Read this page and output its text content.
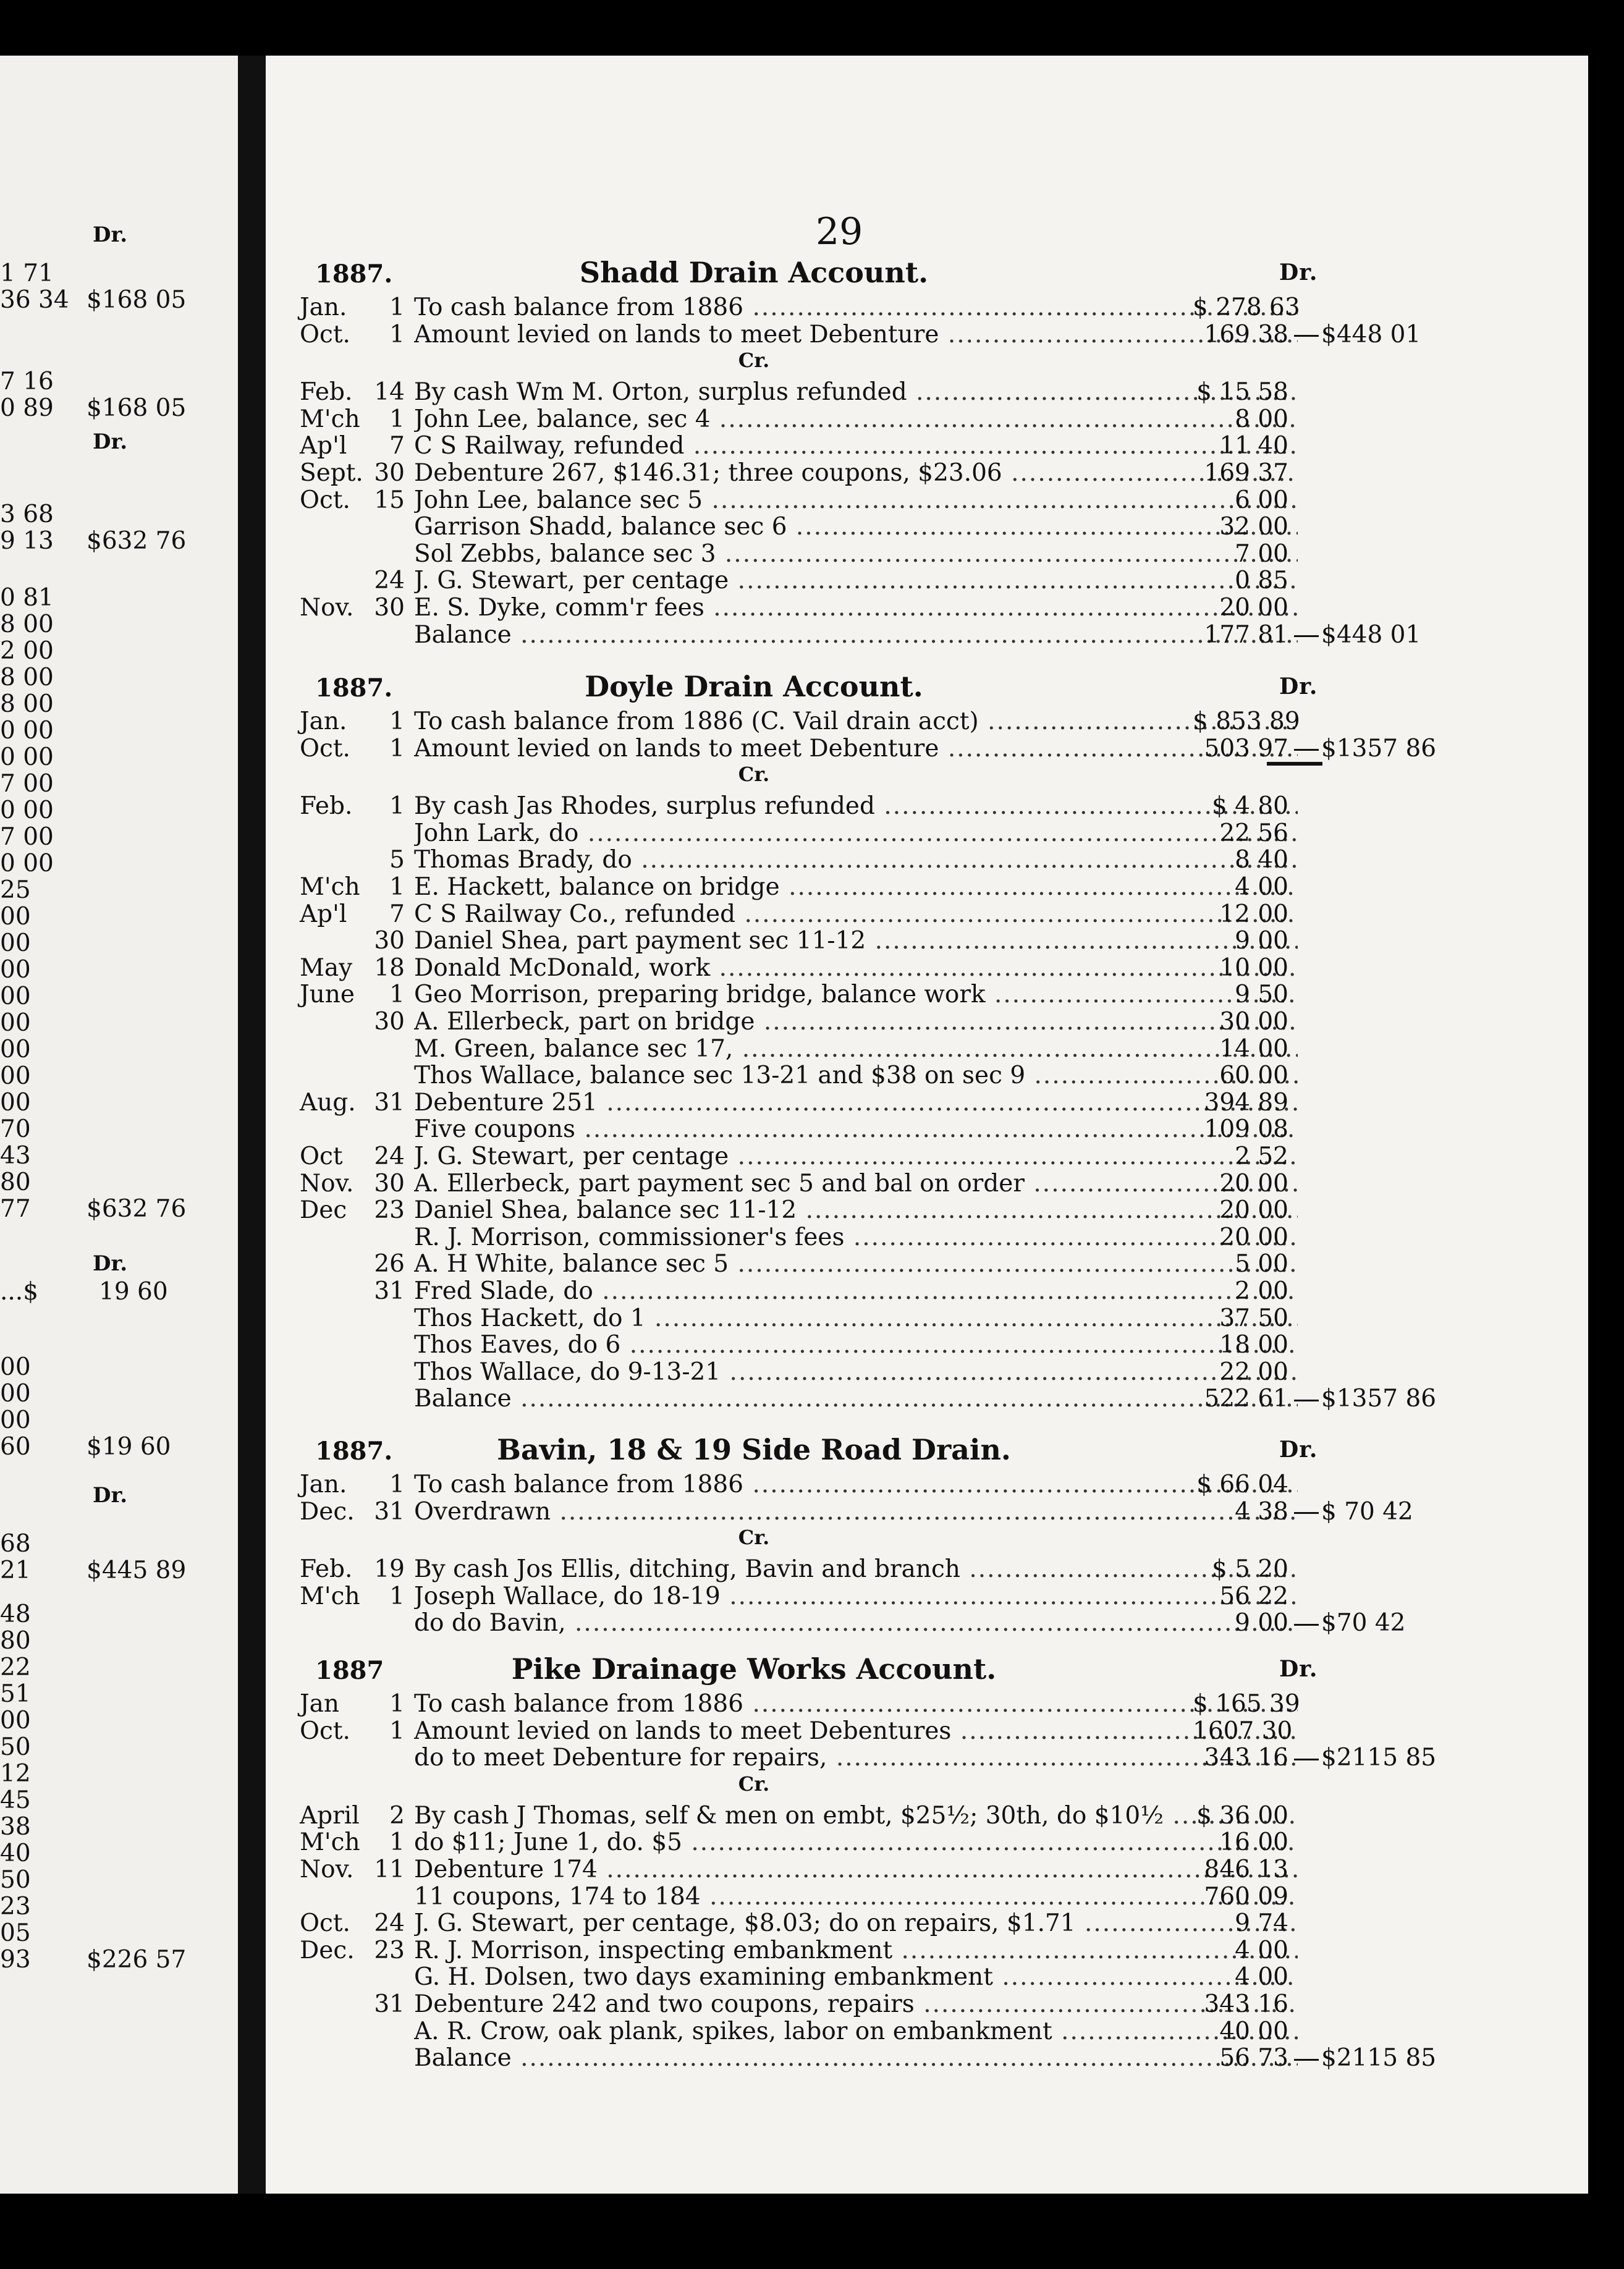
Dr.
1 71
36 34 $168 05
7 16
0 89 $168 05
Dr.
3 68
9 13 $632 76
0 81
8 00
2 00
8 00
8 00
0 00
0 00
7 00
0 00
7 00
0 00
25
00
00
00
00
00
00
00
00
70
43
80
77 $632 76
Dr.
...$	19 60
00
00
00
60 $19 60
Dr.
68
21 $445 89
48
80
22
51
00
50
12
45
38
40
50
23
05
93 $226 57
29
1887.	Shadd Drain Account.	Dr.
Jan.	1 To cash balance from 1886 .....	$ 278 63
Oct.	1 Amount levied on lands to meet Debenture .....	169 38	$448 01
Cr.
Feb. 14 By cash Wm M. Orton, surplus refunded .....	$ 15 58
M'ch	1 John Lee, balance, sec 4 .....	8 00
Ap'l	7 C S Railway, refunded .....	11 40
Sept. 30 Debenture 267, $146.31; three coupons, $23.06 .....	169 37
Oct. 15 John Lee, balance sec 5 .....	6 00
Garrison Shadd, balance sec 6 .....	32 00
Sol Zebbs, balance sec 3 .....	7 00
24 J. G. Stewart, per centage .....	0 85
Nov. 30 E. S. Dyke, comm'r fees .....	20 00
Balance .....	177 81	$448 01
1887.	Doyle Drain Account.	Dr.
Jan.	1 To cash balance from 1886 (C. Vail drain acct) .....	$ 853 89
Oct.	1 Amount levied on lands to meet Debenture .....	503 97	$1357 86
Cr.
Feb.	1 By cash Jas Rhodes, surplus refunded .....	$ 4 80
John Lark, do .....	22 56
5 Thomas Brady, do .....	8 40
M'ch	1 E. Hackett, balance on bridge .....	4 00
Ap'l	7 C S Railway Co., refunded .....	12 00
30 Daniel Shea, part payment sec 11-12 .....	9 00
May 18 Donald McDonald, work .....	10 00
June	1 Geo Morrison, preparing bridge, balance work .....	9 50
30 A. Ellerbeck, part on bridge .....	30 00
M. Green, balance sec 17, .....	14 00
Thos Wallace, balance sec 13-21 and $38 on sec 9 .....	60 00
Aug. 31 Debenture 251 .....	394 89
Five coupons .....	109 08
Oct	24 J. G. Stewart, per centage .....	2 52
Nov. 30 A. Ellerbeck, part payment sec 5 and bal on order .....	20 00
Dec	23 Daniel Shea, balance sec 11-12 .....	20 00
R. J. Morrison, commissioner's fees .....	20 00
26 A. H White, balance sec 5 .....	5 00
31 Fred Slade, do .....	2 00
Thos Hackett, do 1 .....	37 50
Thos Eaves, do 6 .....	18 00
Thos Wallace, do 9-13-21 .....	22 00
Balance .....	522 61	$1357 86
1887.	Bavin, 18 & 19 Side Road Drain.	Dr.
Jan.	1 To cash balance from 1886 .....	$ 66 04
Dec. 31 Overdrawn .....	4 38	$ 70 42
Cr.
Feb. 19 By cash Jos Ellis, ditching, Bavin and branch .....	$ 5 20
M'ch	1 Joseph Wallace, do 18-19 .....	56 22
do do Bavin, .....	9 00	$70 42
1887	Pike Drainage Works Account.	Dr.
Jan	1 To cash balance from 1886 .....	$ 165 39
Oct.	1 Amount levied on lands to meet Debentures .....	1607 30
do to meet Debenture for repairs, .....	343 16	$2115 85
Cr.
April	2 By cash J Thomas, self & men on embt, $25½; 30th, do $10½ .....	$ 36 00
M'ch	1 do $11; June 1, do. $5 .....	16 00
Nov. 11 Debenture 174 .....	846 13
11 coupons, 174 to 184 .....	760 09
Oct. 24 J. G. Stewart, per centage, $8.03; do on repairs, $1.71 .....	9 74
Dec. 23 R. J. Morrison, inspecting embankment .....	4 00
G. H. Dolsen, two days examining embankment .....	4 00
31 Debenture 242 and two coupons, repairs .....	343 16
A. R. Crow, oak plank, spikes, labor on embankment .....	40 00
Balance .....	56 73	$2115 85
